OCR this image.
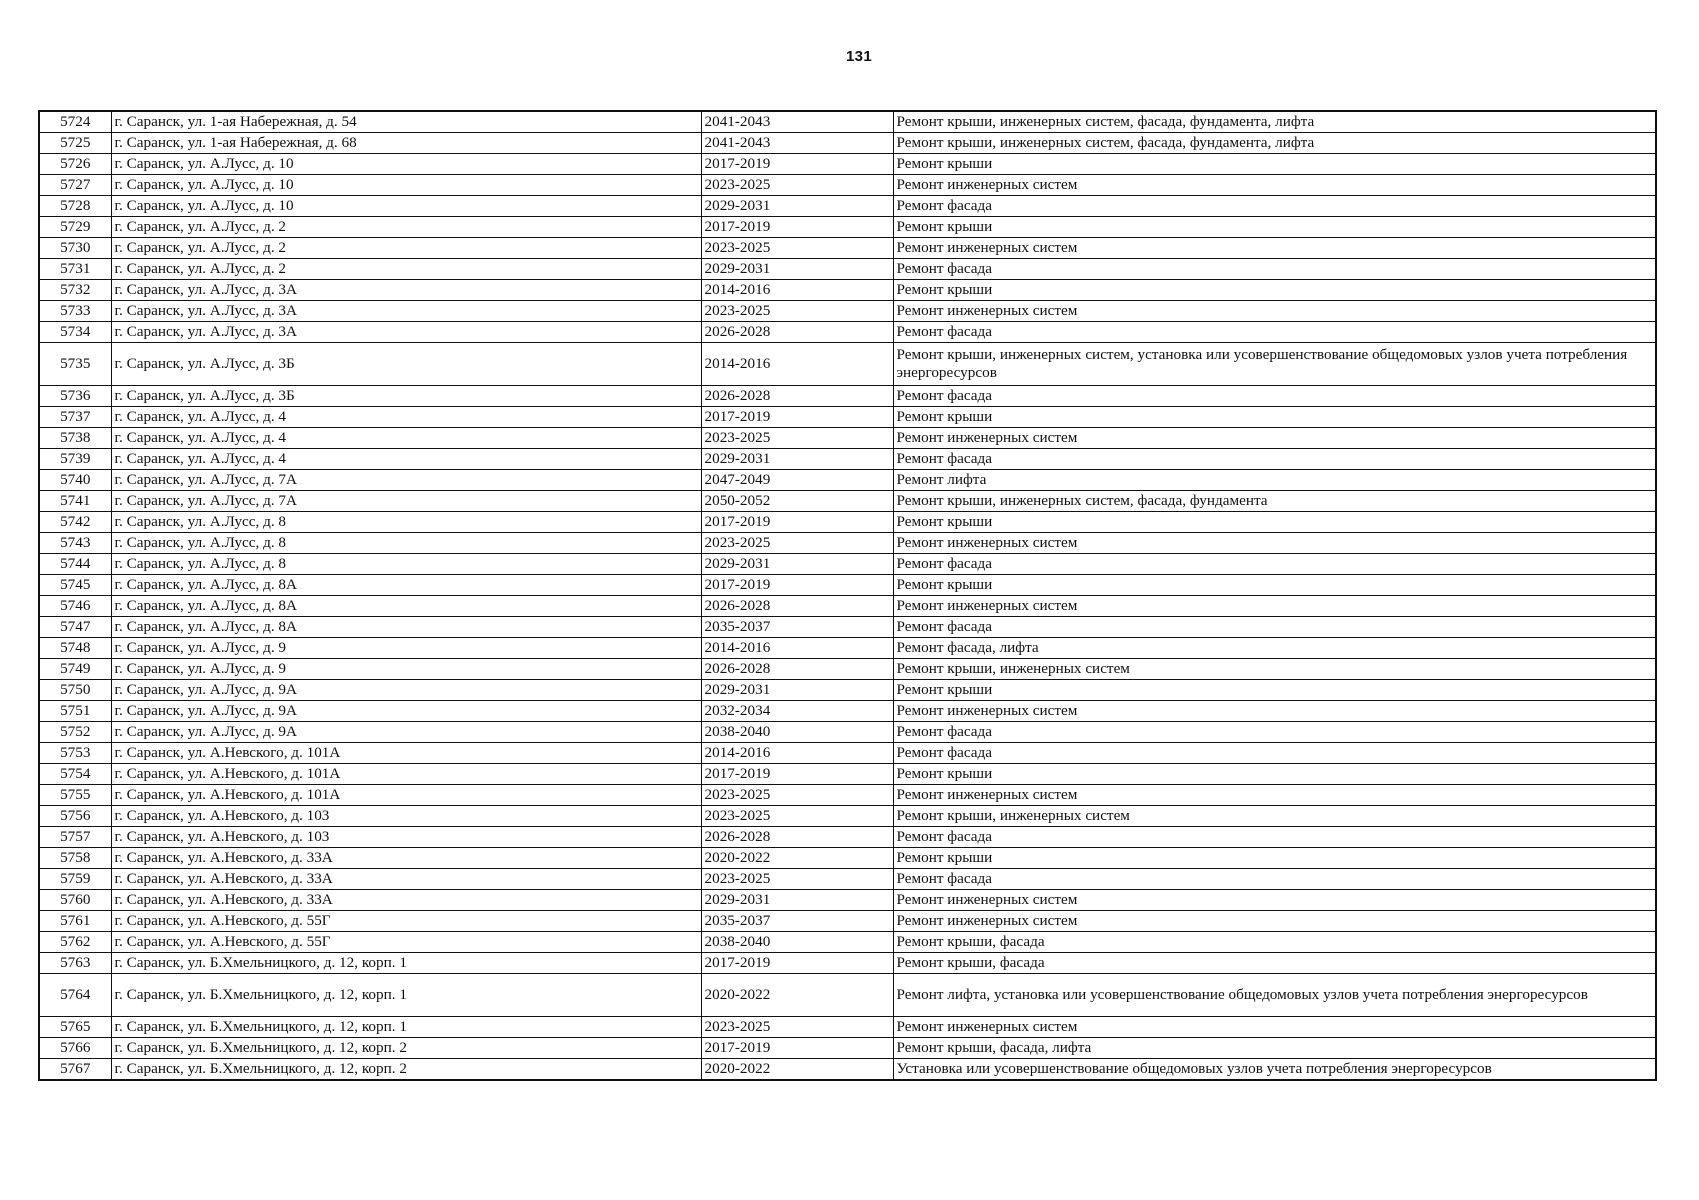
131
5724	г. Саранск, ул. 1-ая Набережная, д. 54	2041-2043	Ремонт крыши, инженерных систем, фасада, фундамента, лифта
5725	г. Саранск, ул. 1-ая Набережная, д. 68	2041-2043	Ремонт крыши, инженерных систем, фасада, фундамента, лифта
5726	г. Саранск, ул. А.Лусс, д. 10	2017-2019	Ремонт крыши
5727	г. Саранск, ул. А.Лусс, д. 10	2023-2025	Ремонт инженерных систем
5728	г. Саранск, ул. А.Лусс, д. 10	2029-2031	Ремонт фасада
5729	г. Саранск, ул. А.Лусс, д. 2	2017-2019	Ремонт крыши
5730	г. Саранск, ул. А.Лусс, д. 2	2023-2025	Ремонт инженерных систем
5731	г. Саранск, ул. А.Лусс, д. 2	2029-2031	Ремонт фасада
5732	г. Саранск, ул. А.Лусс, д. 3А	2014-2016	Ремонт крыши
5733	г. Саранск, ул. А.Лусс, д. 3А	2023-2025	Ремонт инженерных систем
5734	г. Саранск, ул. А.Лусс, д. 3А	2026-2028	Ремонт фасада
5735	г. Саранск, ул. А.Лусс, д. 3Б	2014-2016	Ремонт крыши, инженерных систем, установка или усовершенствование общедомовых узлов учета потребления энергоресурсов
5736	г. Саранск, ул. А.Лусс, д. 3Б	2026-2028	Ремонт фасада
5737	г. Саранск, ул. А.Лусс, д. 4	2017-2019	Ремонт крыши
5738	г. Саранск, ул. А.Лусс, д. 4	2023-2025	Ремонт инженерных систем
5739	г. Саранск, ул. А.Лусс, д. 4	2029-2031	Ремонт фасада
5740	г. Саранск, ул. А.Лусс, д. 7А	2047-2049	Ремонт лифта
5741	г. Саранск, ул. А.Лусс, д. 7А	2050-2052	Ремонт крыши, инженерных систем, фасада, фундамента
5742	г. Саранск, ул. А.Лусс, д. 8	2017-2019	Ремонт крыши
5743	г. Саранск, ул. А.Лусс, д. 8	2023-2025	Ремонт инженерных систем
5744	г. Саранск, ул. А.Лусс, д. 8	2029-2031	Ремонт фасада
5745	г. Саранск, ул. А.Лусс, д. 8А	2017-2019	Ремонт крыши
5746	г. Саранск, ул. А.Лусс, д. 8А	2026-2028	Ремонт инженерных систем
5747	г. Саранск, ул. А.Лусс, д. 8А	2035-2037	Ремонт фасада
5748	г. Саранск, ул. А.Лусс, д. 9	2014-2016	Ремонт фасада, лифта
5749	г. Саранск, ул. А.Лусс, д. 9	2026-2028	Ремонт крыши, инженерных систем
5750	г. Саранск, ул. А.Лусс, д. 9А	2029-2031	Ремонт крыши
5751	г. Саранск, ул. А.Лусс, д. 9А	2032-2034	Ремонт инженерных систем
5752	г. Саранск, ул. А.Лусс, д. 9А	2038-2040	Ремонт фасада
5753	г. Саранск, ул. А.Невского, д. 101А	2014-2016	Ремонт фасада
5754	г. Саранск, ул. А.Невского, д. 101А	2017-2019	Ремонт крыши
5755	г. Саранск, ул. А.Невского, д. 101А	2023-2025	Ремонт инженерных систем
5756	г. Саранск, ул. А.Невского, д. 103	2023-2025	Ремонт крыши, инженерных систем
5757	г. Саранск, ул. А.Невского, д. 103	2026-2028	Ремонт фасада
5758	г. Саранск, ул. А.Невского, д. 33А	2020-2022	Ремонт крыши
5759	г. Саранск, ул. А.Невского, д. 33А	2023-2025	Ремонт фасада
5760	г. Саранск, ул. А.Невского, д. 33А	2029-2031	Ремонт инженерных систем
5761	г. Саранск, ул. А.Невского, д. 55Г	2035-2037	Ремонт инженерных систем
5762	г. Саранск, ул. А.Невского, д. 55Г	2038-2040	Ремонт крыши, фасада
5763	г. Саранск, ул. Б.Хмельницкого, д. 12, корп. 1	2017-2019	Ремонт крыши, фасада
5764	г. Саранск, ул. Б.Хмельницкого, д. 12, корп. 1	2020-2022	Ремонт лифта, установка или усовершенствование общедомовых узлов учета потребления энергоресурсов
5765	г. Саранск, ул. Б.Хмельницкого, д. 12, корп. 1	2023-2025	Ремонт инженерных систем
5766	г. Саранск, ул. Б.Хмельницкого, д. 12, корп. 2	2017-2019	Ремонт крыши, фасада, лифта
5767	г. Саранск, ул. Б.Хмельницкого, д. 12, корп. 2	2020-2022	Установка или усовершенствование общедомовых узлов учета потребления энергоресурсов
